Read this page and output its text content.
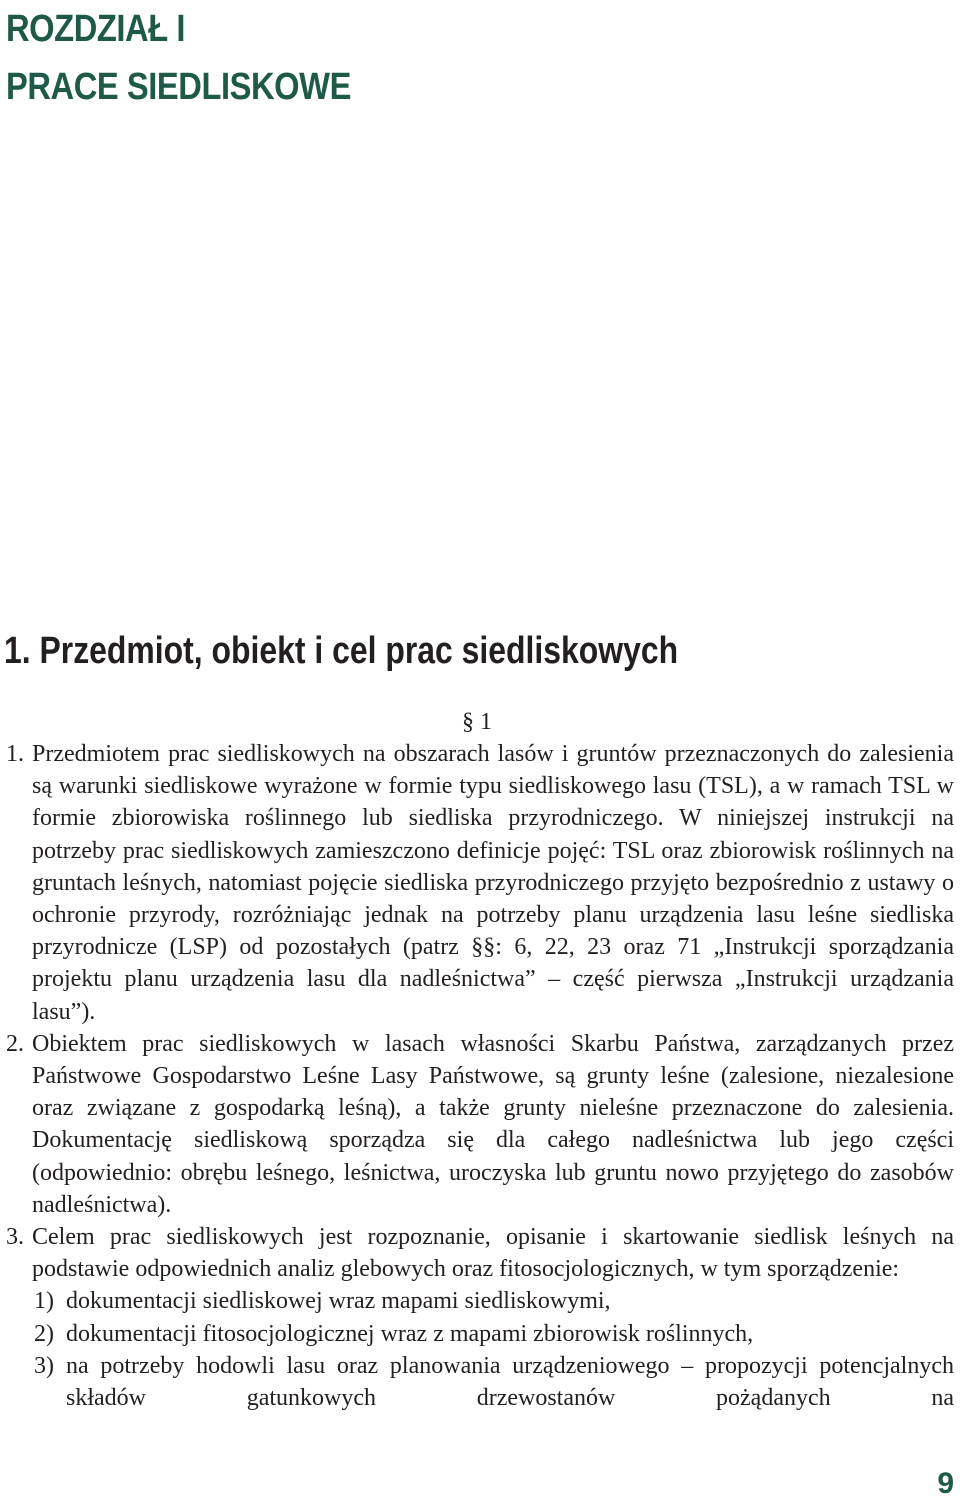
ROZDZIAŁ I
PRACE SIEDLISKOWE
1. Przedmiot, obiekt i cel prac siedliskowych
§ 1
1. Przedmiotem prac siedliskowych na obszarach lasów i gruntów przeznaczonych do zalesienia są warunki siedliskowe wyrażone w formie typu siedliskowego lasu (TSL), a w ramach TSL w formie zbiorowiska roślinnego lub siedliska przyrodniczego. W niniejszej instrukcji na potrzeby prac siedliskowych zamieszczono definicje pojęć: TSL oraz zbiorowisk roślinnych na gruntach leśnych, natomiast pojęcie siedliska przyrodniczego przyjęto bezpośrednio z ustawy o ochronie przyrody, rozróżniając jednak na potrzeby planu urządzenia lasu leśne siedliska przyrodnicze (LSP) od pozostałych (patrz §§: 6, 22, 23 oraz 71 „Instrukcji sporządzania projektu planu urządzenia lasu dla nadleśnictwa” – część pierwsza „Instrukcji urządzania lasu”).

2. Obiektem prac siedliskowych w lasach własności Skarbu Państwa, zarządzanych przez Państwowe Gospodarstwo Leśne Lasy Państwowe, są grunty leśne (zalesione, niezalesione oraz związane z gospodarką leśną), a także grunty nieleśne przeznaczone do zalesienia. Dokumentację siedliskową sporządza się dla całego nadleśnictwa lub jego części (odpowiednio: obrębu leśnego, leśnictwa, uroczyska lub gruntu nowo przyjętego do zasobów nadleśnictwa).

3. Celem prac siedliskowych jest rozpoznanie, opisanie i skartowanie siedlisk leśnych na podstawie odpowiednich analiz glebowych oraz fitosocjologicznych, w tym sporządzenie:

1) dokumentacji siedliskowej wraz mapami siedliskowymi,

2) dokumentacji fitosocjologicznej wraz z mapami zbiorowisk roślinnych,

3) na potrzeby hodowli lasu oraz planowania urządzeniowego – propozycji potencjalnych składów gatunkowych drzewostanów pożądanych na

9
